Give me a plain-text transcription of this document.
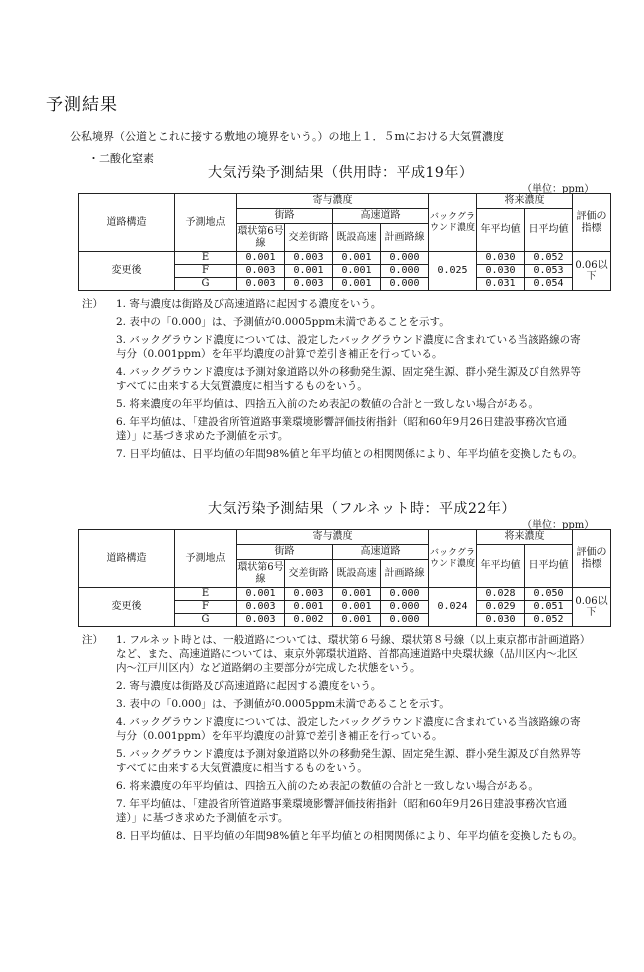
予測結果
公私境界（公道とこれに接する敷地の境界をいう。）の地上１．５mにおける大気質濃度
・二酸化窒素
大気汚染予測結果（供用時：平成19年）
（単位：ppm）
道路構造	予測地点	寄与濃度				バックグラウンド濃度	将来濃度		評価の指標
		街路		高速道路			年平均値	日平均値	
		環状第6号線	交差街路	既設高速	計画路線				
変更後	E	0.001	0.003	0.001	0.000	0.025	0.030	0.052	0.06以下
	F	0.003	0.001	0.001	0.000		0.030	0.053	
	G	0.003	0.003	0.001	0.000		0.031	0.054	
注）	1. 寄与濃度は街路及び高速道路に起因する濃度をいう。
2. 表中の「0.000」は、予測値が0.0005ppm未満であることを示す。
3. バックグラウンド濃度については、設定したバックグラウンド濃度に含まれている当該路線の寄与分（0.001ppm）を年平均濃度の計算で差引き補正を行っている。
4. バックグラウンド濃度は予測対象道路以外の移動発生源、固定発生源、群小発生源及び自然界等すべてに由来する大気質濃度に相当するものをいう。
5. 将来濃度の年平均値は、四捨五入前のため表記の数値の合計と一致しない場合がある。
6. 年平均値は、「建設省所管道路事業環境影響評価技術指針（昭和60年9月26日建設事務次官通達）」に基づき求めた予測値を示す。
7. 日平均値は、日平均値の年間98%値と年平均値との相関関係により、年平均値を変換したもの。
大気汚染予測結果（フルネット時：平成22年）
（単位：ppm）
道路構造	予測地点	寄与濃度				バックグラウンド濃度	将来濃度		評価の指標
		街路		高速道路			年平均値	日平均値	
		環状第6号線	交差街路	既設高速	計画路線				
変更後	E	0.001	0.003	0.001	0.000	0.024	0.028	0.050	0.06以下
	F	0.003	0.001	0.001	0.000		0.029	0.051	
	G	0.003	0.002	0.001	0.000		0.030	0.052	
注）	1. フルネット時とは、一般道路については、環状第６号線、環状第８号線（以上東京都市計画道路）など、また、高速道路については、東京外郭環状道路、首都高速道路中央環状線（品川区内～北区内～江戸川区内）など道路網の主要部分が完成した状態をいう。
2. 寄与濃度は街路及び高速道路に起因する濃度をいう。
3. 表中の「0.000」は、予測値が0.0005ppm未満であることを示す。
4. バックグラウンド濃度については、設定したバックグラウンド濃度に含まれている当該路線の寄与分（0.001ppm）を年平均濃度の計算で差引き補正を行っている。
5. バックグラウンド濃度は予測対象道路以外の移動発生源、固定発生源、群小発生源及び自然界等すべてに由来する大気質濃度に相当するものをいう。
6. 将来濃度の年平均値は、四捨五入前のため表記の数値の合計と一致しない場合がある。
7. 年平均値は、「建設省所管道路事業環境影響評価技術指針（昭和60年9月26日建設事務次官通達）」に基づき求めた予測値を示す。
8. 日平均値は、日平均値の年間98%値と年平均値との相関関係により、年平均値を変換したもの。
